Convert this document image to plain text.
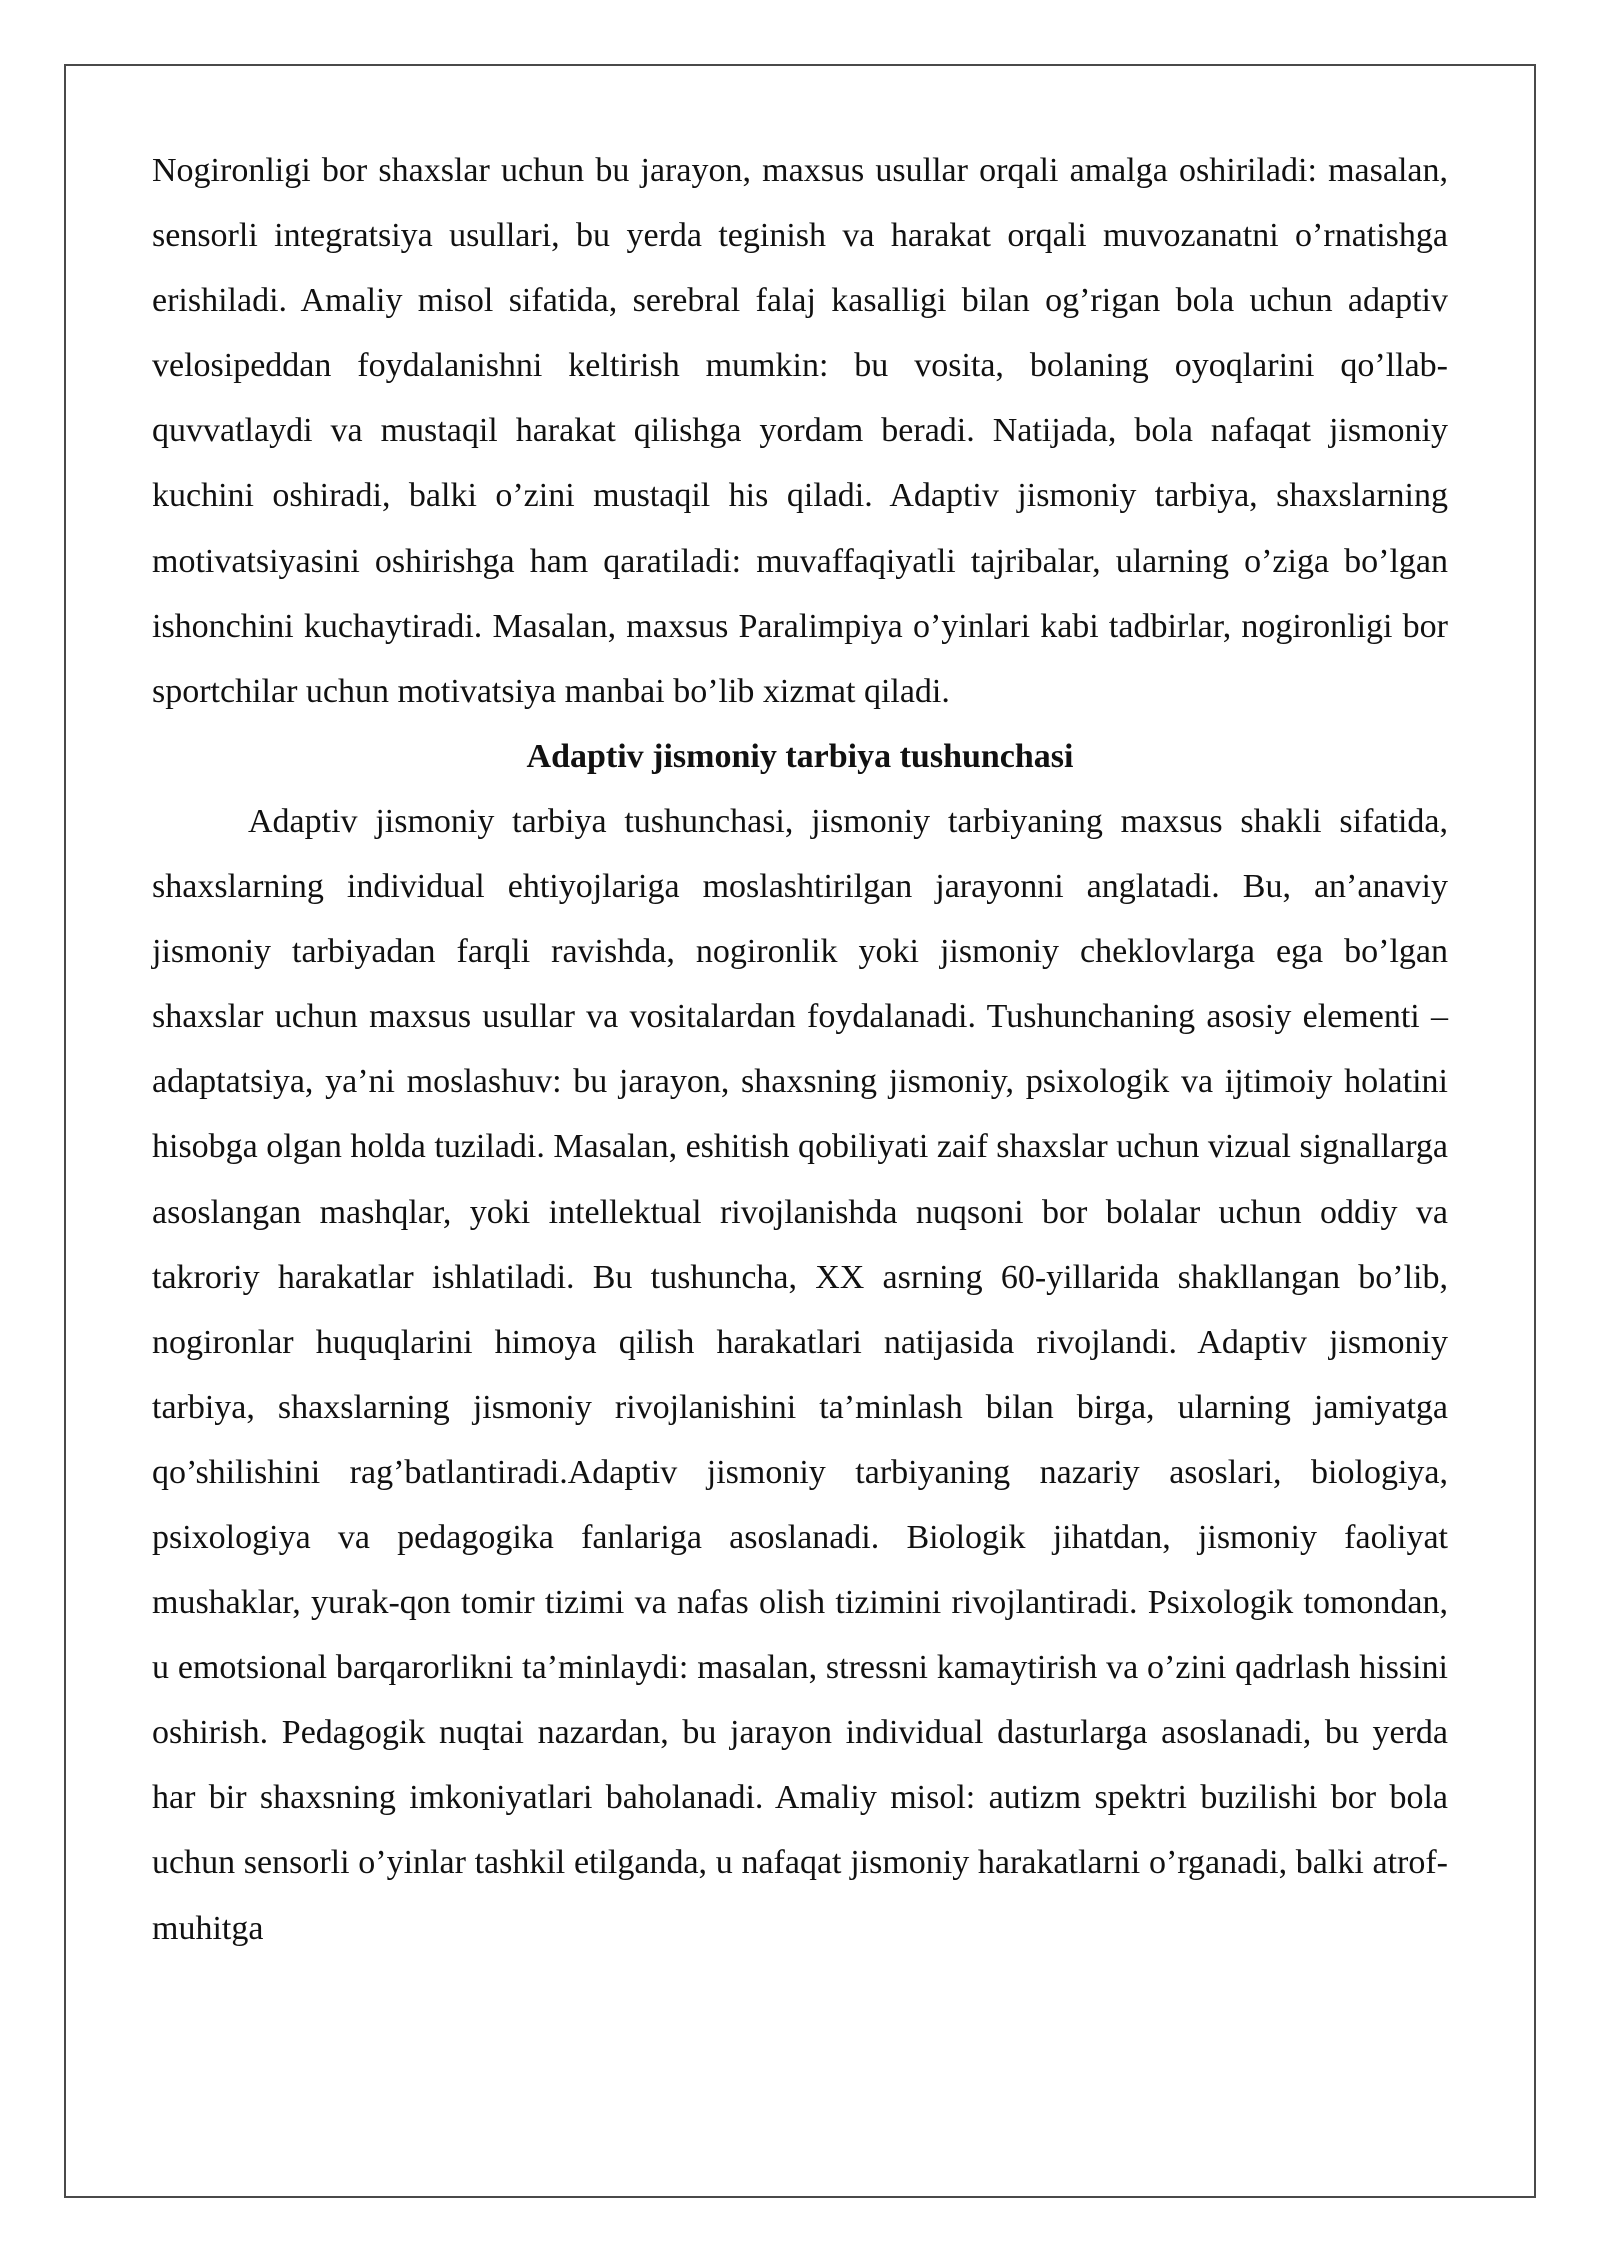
Nogironligi bor shaxslar uchun bu jarayon, maxsus usullar orqali amalga oshiriladi: masalan, sensorli integratsiya usullari, bu yerda teginish va harakat orqali muvozanatni o’rnatishga erishiladi. Amaliy misol sifatida, serebral falaj kasalligi bilan og’rigan bola uchun adaptiv velosipeddan foydalanishni keltirish mumkin: bu vosita, bolaning oyoqlarini qo’llab-quvvatlaydi va mustaqil harakat qilishga yordam beradi. Natijada, bola nafaqat jismoniy kuchini oshiradi, balki o’zini mustaqil his qiladi. Adaptiv jismoniy tarbiya, shaxslarning motivatsiyasini oshirishga ham qaratiladi: muvaffaqiyatli tajribalar, ularning o’ziga bo’lgan ishonchini kuchaytiradi. Masalan, maxsus Paralimpiya o’yinlari kabi tadbirlar, nogironligi bor sportchilar uchun motivatsiya manbai bo’lib xizmat qiladi.

Adaptiv jismoniy tarbiya tushunchasi

Adaptiv jismoniy tarbiya tushunchasi, jismoniy tarbiyaning maxsus shakli sifatida, shaxslarning individual ehtiyojlariga moslashtirilgan jarayonni anglatadi. Bu, an’anaviy jismoniy tarbiyadan farqli ravishda, nogironlik yoki jismoniy cheklovlarga ega bo’lgan shaxslar uchun maxsus usullar va vositalardan foydalanadi. Tushunchaning asosiy elementi – adaptatsiya, ya’ni moslashuv: bu jarayon, shaxsning jismoniy, psixologik va ijtimoiy holatini hisobga olgan holda tuziladi. Masalan, eshitish qobiliyati zaif shaxslar uchun vizual signallarga asoslangan mashqlar, yoki intellektual rivojlanishda nuqsoni bor bolalar uchun oddiy va takroriy harakatlar ishlatiladi. Bu tushuncha, XX asrning 60-yillarida shakllangan bo’lib, nogironlar huquqlarini himoya qilish harakatlari natijasida rivojlandi. Adaptiv jismoniy tarbiya, shaxslarning jismoniy rivojlanishini ta’minlash bilan birga, ularning jamiyatga qo’shilishini rag’batlantiradi.Adaptiv jismoniy tarbiyaning nazariy asoslari, biologiya, psixologiya va pedagogika fanlariga asoslanadi. Biologik jihatdan, jismoniy faoliyat mushaklar, yurak-qon tomir tizimi va nafas olish tizimini rivojlantiradi. Psixologik tomondan, u emotsional barqarorlikni ta’minlaydi: masalan, stressni kamaytirish va o’zini qadrlash hissini oshirish. Pedagogik nuqtai nazardan, bu jarayon individual dasturlarga asoslanadi, bu yerda har bir shaxsning imkoniyatlari baholanadi. Amaliy misol: autizm spektri buzilishi bor bola uchun sensorli o’yinlar tashkil etilganda, u nafaqat jismoniy harakatlarni o’rganadi, balki atrof-muhitga
